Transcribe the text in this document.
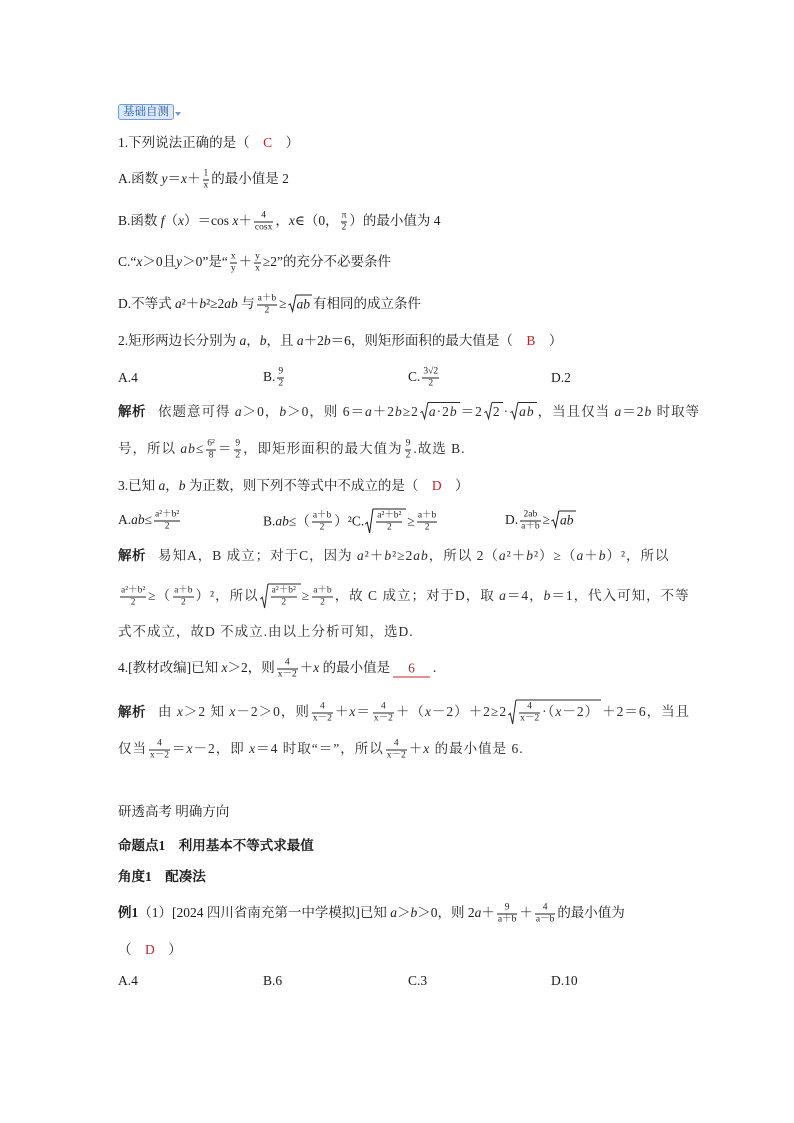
基础自测
1.下列说法正确的是（　C　）
A.函数 $y=x+ \frac{1}{x}$ 的最小值是 2
B.函数 f（x）＝cos $x+ \frac{4}{\cos x}$ ，x∈（0， $\frac{\pi}{2}$ ）的最小值为 4
C.“x＞0且y＞0”是“ $\frac{x}{y} + \frac{y}{x} \ge 2$”的充分不必要条件
D.不等式 a²＋b²≥2ab 与 $\frac{a+b}{2}$ ≥ ab 有相同的成立条件
2.矩形两边长分别为 a，b，且 a＋2b＝6，则矩形面积的最大值是（　B　）
A.4	B. $\frac{9}{2}$	C. $\frac{3√2}{2}$	D.2
解析 依题意可得 a＞0，b＞0，则 6＝a＋2b≥2 a·2b ＝2 2 · ab ，当且仅当 a＝2b 时取等
号，所以 $ab\le \frac{\text{6²}}{8} = \frac{9}{2}$ ，即矩形面积的最大值为 $\frac{9}{2}$ .故选 B.
3.已知 a，b 为正数，则下列不等式中不成立的是（　D　）
$A.ab\le \frac{\text{a²＋b²}}{2}$	$B.ab\le( \frac{a+b}{2} )^2C$. $\frac{\text{a²＋b²}}{2} \ge \frac{a+b}{2}$	D. $\frac{2ab}{a+b}$ ≥ ab
解析 易知A，B 成立；对于C，因为 a²＋b²≥2ab，所以 2（a²＋b²）≥（a＋b）²，所以
$\frac{\text{a²＋b²}}{2}$ ≥（ $\frac{a+b}{2} )^2$，所以 $\frac{\text{a²＋b²}}{2} \ge \frac{a+b}{2}$ ，故 C 成立；对于D，取 a＝4，b＝1，代入可知，不等
式不成立，故D 不成立.由以上分析可知，选D.
4.[教材改编]已知 x＞2，则 $\frac{4}{x-2} +x$ 的最小值是 6 .
解析 由 x＞2 知 x－2＞0，则 $\frac{4}{x-2} +x= \frac{4}{x-2} +(x-2)+2\ge 2 \frac{4}{x-2} \cdot(x-2) +2=6$，当且
仅当 $\frac{4}{x-2} =x-2$，即 x＝4 时取“＝”，所以 $\frac{4}{x-2} +x$ 的最小值是 6.
研透高考 明确方向
命题点1　利用基本不等式求最值
角度1　配凑法
例1（1）[2024 四川省南充第一中学模拟]已知 a＞b＞0，则 $2a+ \frac{9}{a+b} + \frac{4}{a-b}$ 的最小值为
（　D　）
A.4	B.6	C.3	D.10
